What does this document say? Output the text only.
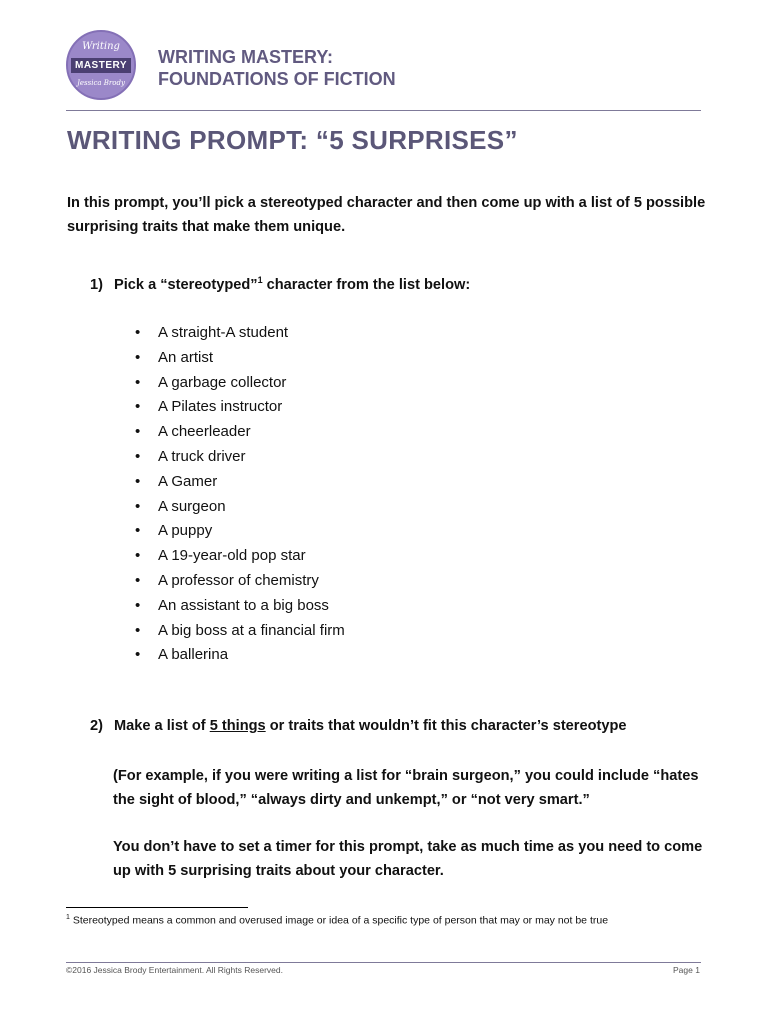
Writing
MASTERY
Jessica Brody
WRITING MASTERY:
FOUNDATIONS OF FICTION
WRITING PROMPT: “5 SURPRISES”
In this prompt, you’ll pick a stereotyped character and then come up with a list of 5 possible surprising traits that make them unique.
1) Pick a “stereotyped”$^1$ character from the list below:
• A straight-A student
• An artist
• A garbage collector
• A Pilates instructor
• A cheerleader
• A truck driver
• A Gamer
• A surgeon
• A puppy
• A 19-year-old pop star
• A professor of chemistry
• An assistant to a big boss
• A big boss at a financial firm
• A ballerina
2) Make a list of 5 things or traits that wouldn’t fit this character’s stereotype
(For example, if you were writing a list for “brain surgeon,” you could include “hates the sight of blood,” “always dirty and unkempt,” or “not very smart.”
You don’t have to set a timer for this prompt, take as much time as you need to come up with 5 surprising traits about your character.
$^1$ Stereotyped means a common and overused image or idea of a specific type of person that may or may not be true
©2016 Jessica Brody Entertainment. All Rights Reserved.	Page 1
